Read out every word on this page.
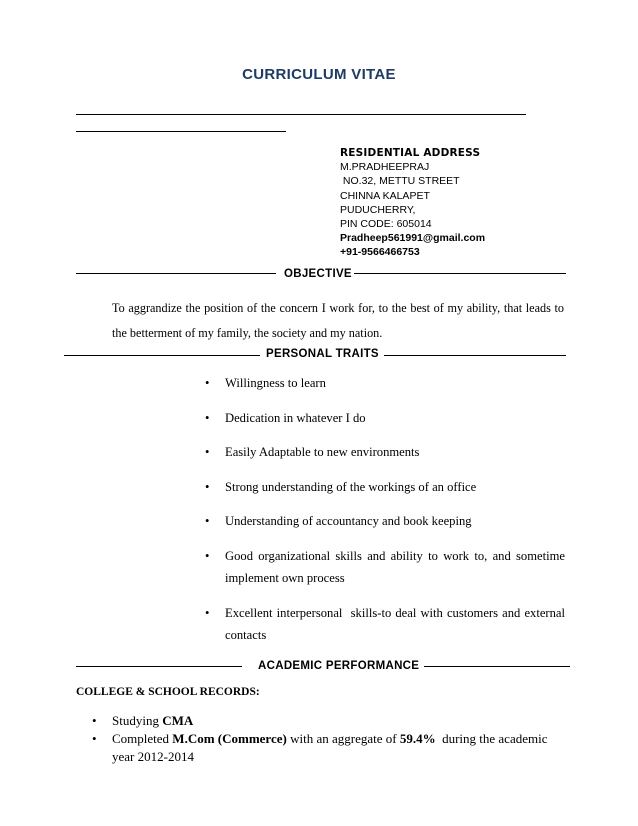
CURRICULUM VITAE
RESIDENTIAL ADDRESS
M.PRADHEEPRAJ
NO.32, METTU STREET
CHINNA KALAPET
PUDUCHERRY,
PIN CODE: 605014
Pradheep561991@gmail.com
+91-9566466753
OBJECTIVE
To aggrandize the position of the concern I work for, to the best of my ability, that leads to the betterment of my family, the society and my nation.
PERSONAL TRAITS
• Willingness to learn
• Dedication in whatever I do
• Easily Adaptable to new environments
• Strong understanding of the workings of an office
• Understanding of accountancy and book keeping
• Good organizational skills and ability to work to, and sometime implement own process
• Excellent interpersonal  skills-to deal with customers and external contacts
ACADEMIC PERFORMANCE
COLLEGE & SCHOOL RECORDS:
• Studying CMA
• Completed M.Com (Commerce) with an aggregate of 59.4%  during the academic year 2012-2014
